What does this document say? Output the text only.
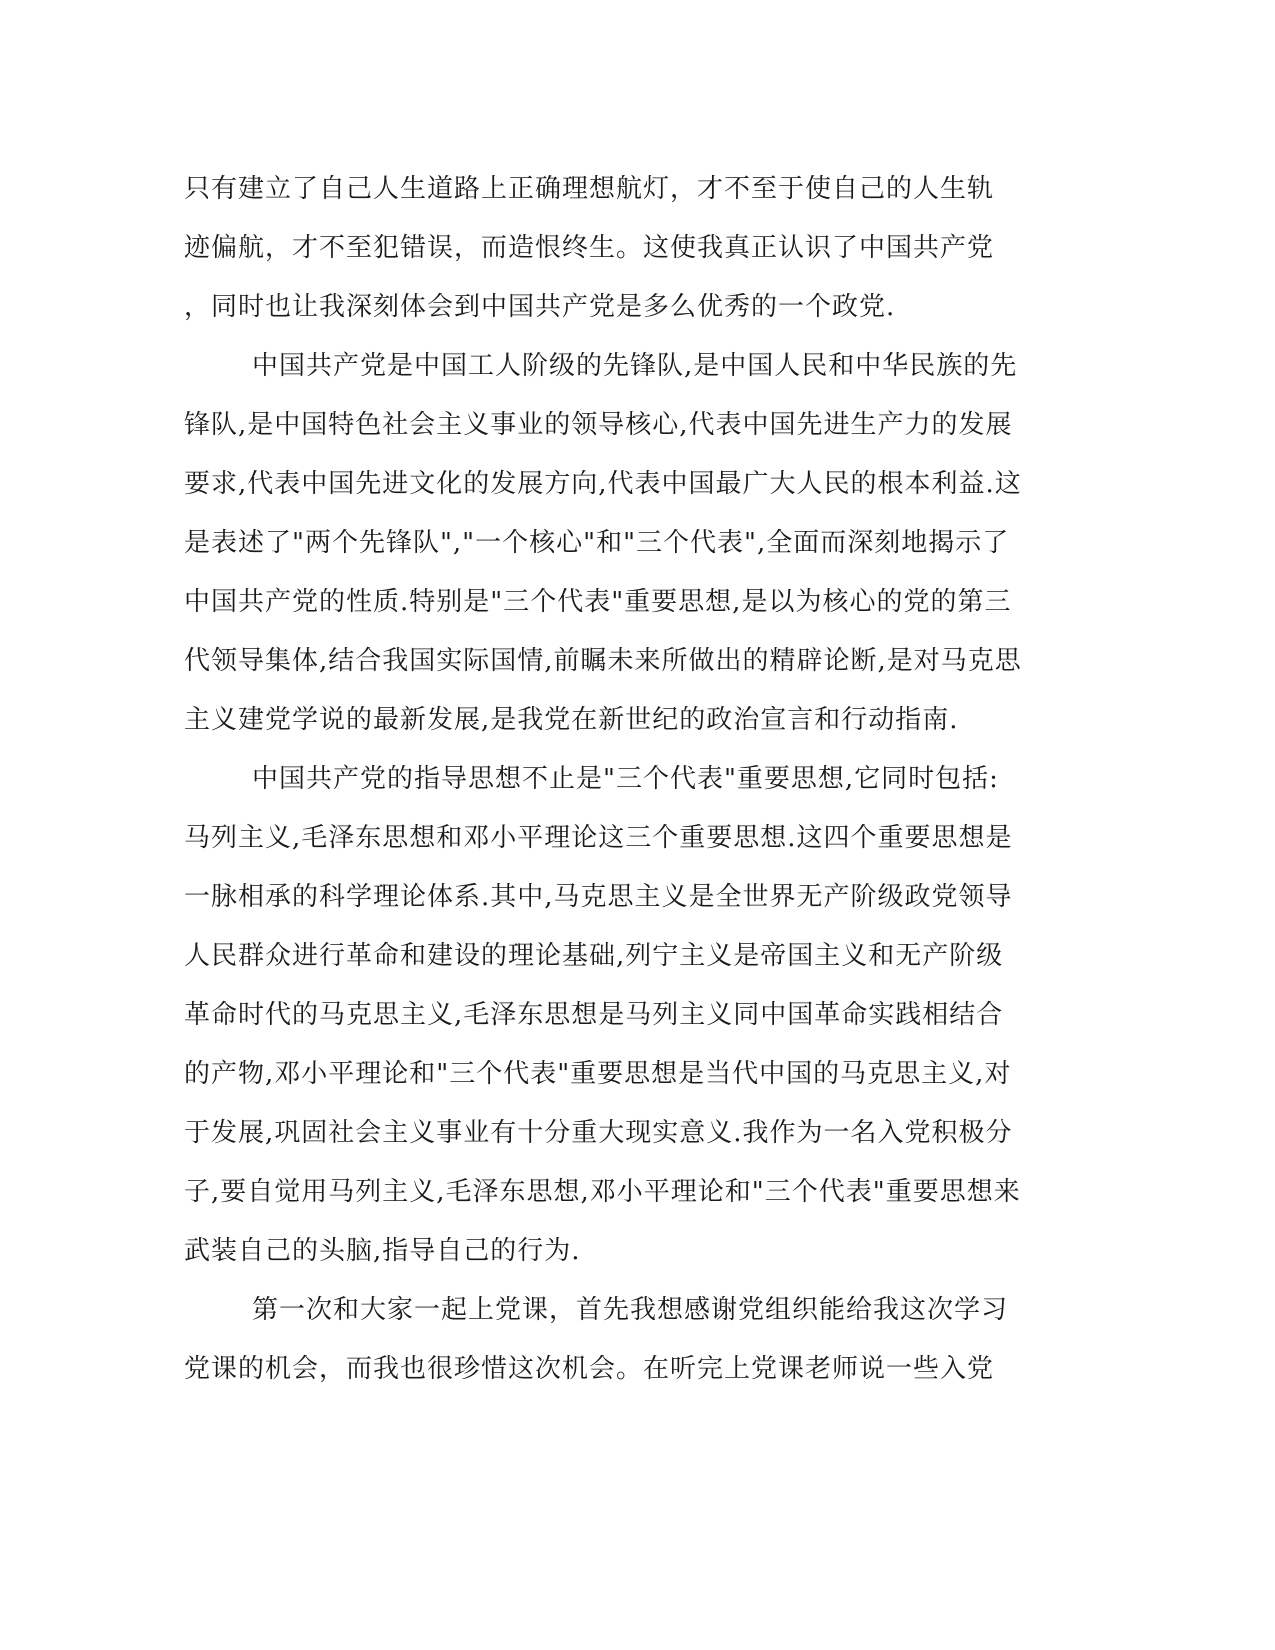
只有建立了自己人生道路上正确理想航灯，才不至于使自己的人生轨
迹偏航，才不至犯错误，而造恨终生。这使我真正认识了中国共产党
，同时也让我深刻体会到中国共产党是多么优秀的一个政党.
中国共产党是中国工人阶级的先锋队,是中国人民和中华民族的先
锋队,是中国特色社会主义事业的领导核心,代表中国先进生产力的发展
要求,代表中国先进文化的发展方向,代表中国最广大人民的根本利益.这
是表述了"两个先锋队","一个核心"和"三个代表",全面而深刻地揭示了
中国共产党的性质.特别是"三个代表"重要思想,是以为核心的党的第三
代领导集体,结合我国实际国情,前瞩未来所做出的精辟论断,是对马克思
主义建党学说的最新发展,是我党在新世纪的政治宣言和行动指南.
中国共产党的指导思想不止是"三个代表"重要思想,它同时包括:
马列主义,毛泽东思想和邓小平理论这三个重要思想.这四个重要思想是
一脉相承的科学理论体系.其中,马克思主义是全世界无产阶级政党领导
人民群众进行革命和建设的理论基础,列宁主义是帝国主义和无产阶级
革命时代的马克思主义,毛泽东思想是马列主义同中国革命实践相结合
的产物,邓小平理论和"三个代表"重要思想是当代中国的马克思主义,对
于发展,巩固社会主义事业有十分重大现实意义.我作为一名入党积极分
子,要自觉用马列主义,毛泽东思想,邓小平理论和"三个代表"重要思想来
武装自己的头脑,指导自己的行为.
第一次和大家一起上党课，首先我想感谢党组织能给我这次学习
党课的机会，而我也很珍惜这次机会。在听完上党课老师说一些入党
